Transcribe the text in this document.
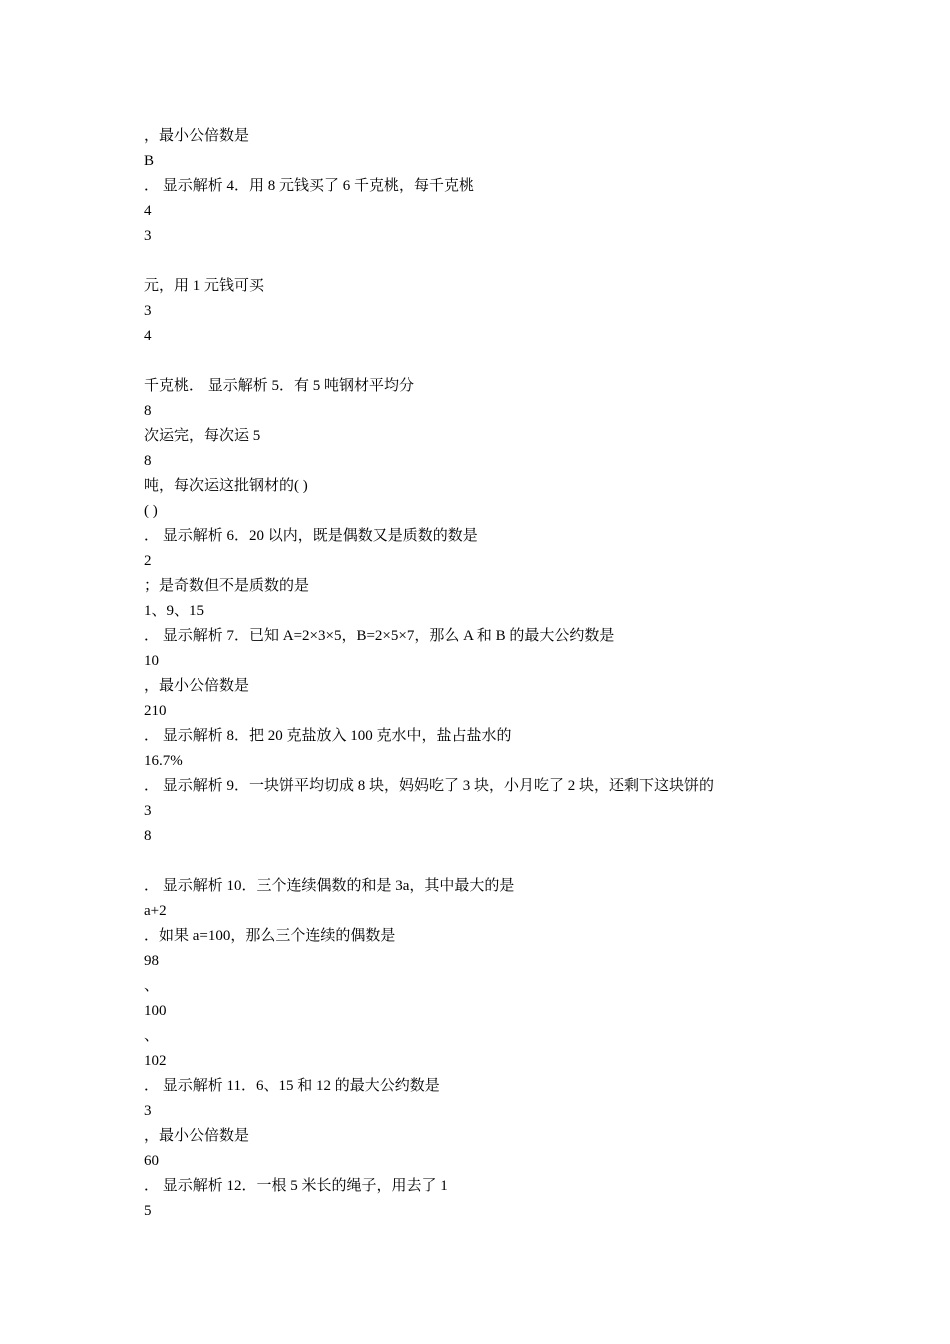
，最小公倍数是
B
． 显示解析 4．用 8 元钱买了 6 千克桃，每千克桃
4
3
元，用 1 元钱可买
3
4
千克桃． 显示解析 5．有 5 吨钢材平均分
8
次运完，每次运 5
8
吨，每次运这批钢材的( )
( )
． 显示解析 6．20 以内，既是偶数又是质数的数是
2
；是奇数但不是质数的是
1、9、15
． 显示解析 7．已知 A=2×3×5，B=2×5×7，那么 A 和 B 的最大公约数是
10
，最小公倍数是
210
． 显示解析 8．把 20 克盐放入 100 克水中，盐占盐水的
16.7%
． 显示解析 9．一块饼平均切成 8 块，妈妈吃了 3 块，小月吃了 2 块，还剩下这块饼的
3
8
． 显示解析 10．三个连续偶数的和是 3a，其中最大的是
a+2
．如果 a=100，那么三个连续的偶数是
98
、
100
、
102
． 显示解析 11．6、15 和 12 的最大公约数是
3
，最小公倍数是
60
． 显示解析 12．一根 5 米长的绳子，用去了 1
5
